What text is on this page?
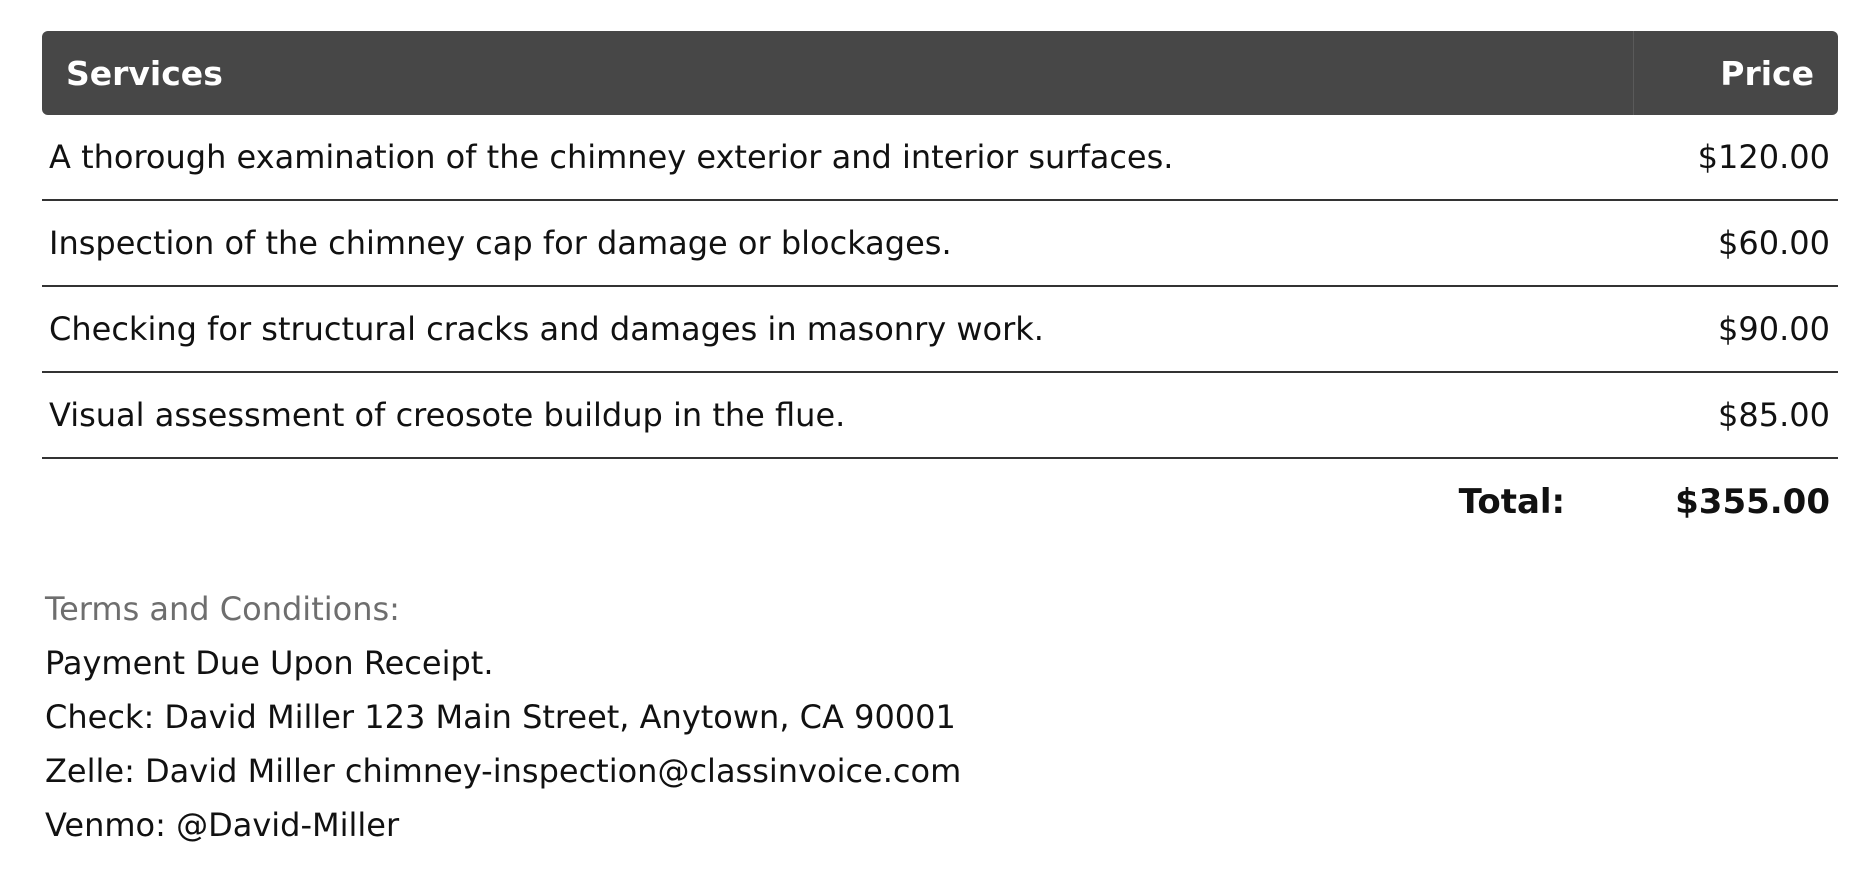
Services	Price
A thorough examination of the chimney exterior and interior surfaces.	$120.00
Inspection of the chimney cap for damage or blockages.	$60.00
Checking for structural cracks and damages in masonry work.	$90.00
Visual assessment of creosote buildup in the flue.	$85.00
Total:	$355.00
Terms and Conditions:
Payment Due Upon Receipt.
Check: David Miller 123 Main Street, Anytown, CA 90001
Zelle: David Miller chimney-inspection@classinvoice.com
Venmo: @David-Miller
